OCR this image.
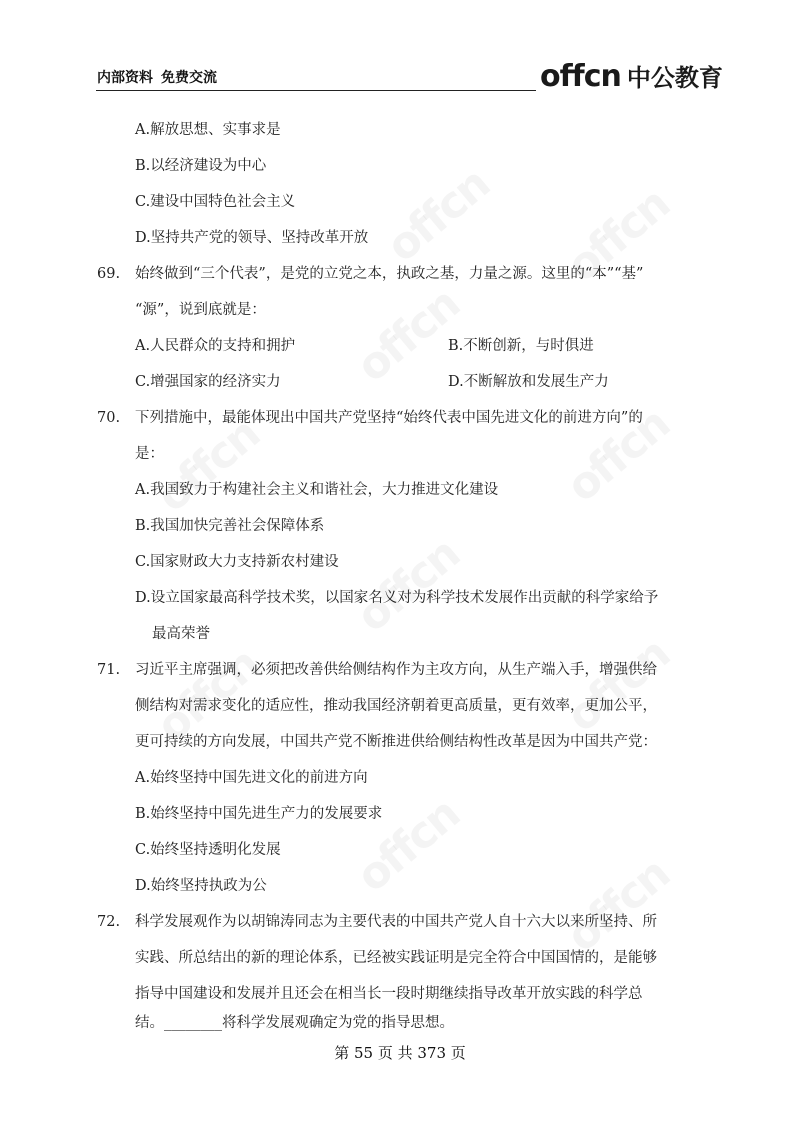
内部资料 免费交流	offcn 中公教育
A.解放思想、实事求是
B.以经济建设为中心
C.建设中国特色社会主义
D.坚持共产党的领导、坚持改革开放
69. 始终做到“三个代表”，是党的立党之本，执政之基，力量之源。这里的“本”“基”
“源”，说到底就是：
A.人民群众的支持和拥护	B.不断创新，与时俱进
C.增强国家的经济实力	D.不断解放和发展生产力
70. 下列措施中，最能体现出中国共产党坚持“始终代表中国先进文化的前进方向”的
是：
A.我国致力于构建社会主义和谐社会，大力推进文化建设
B.我国加快完善社会保障体系
C.国家财政大力支持新农村建设
D.设立国家最高科学技术奖，以国家名义对为科学技术发展作出贡献的科学家给予
最高荣誉
71. 习近平主席强调，必须把改善供给侧结构作为主攻方向，从生产端入手，增强供给
侧结构对需求变化的适应性，推动我国经济朝着更高质量，更有效率，更加公平，
更可持续的方向发展，中国共产党不断推进供给侧结构性改革是因为中国共产党：
A.始终坚持中国先进文化的前进方向
B.始终坚持中国先进生产力的发展要求
C.始终坚持透明化发展
D.始终坚持执政为公
72. 科学发展观作为以胡锦涛同志为主要代表的中国共产党人自十六大以来所坚持、所
实践、所总结出的新的理论体系，已经被实践证明是完全符合中国国情的，是能够
指导中国建设和发展并且还会在相当长一段时期继续指导改革开放实践的科学总
结。________将科学发展观确定为党的指导思想。
第 55 页 共 373 页
